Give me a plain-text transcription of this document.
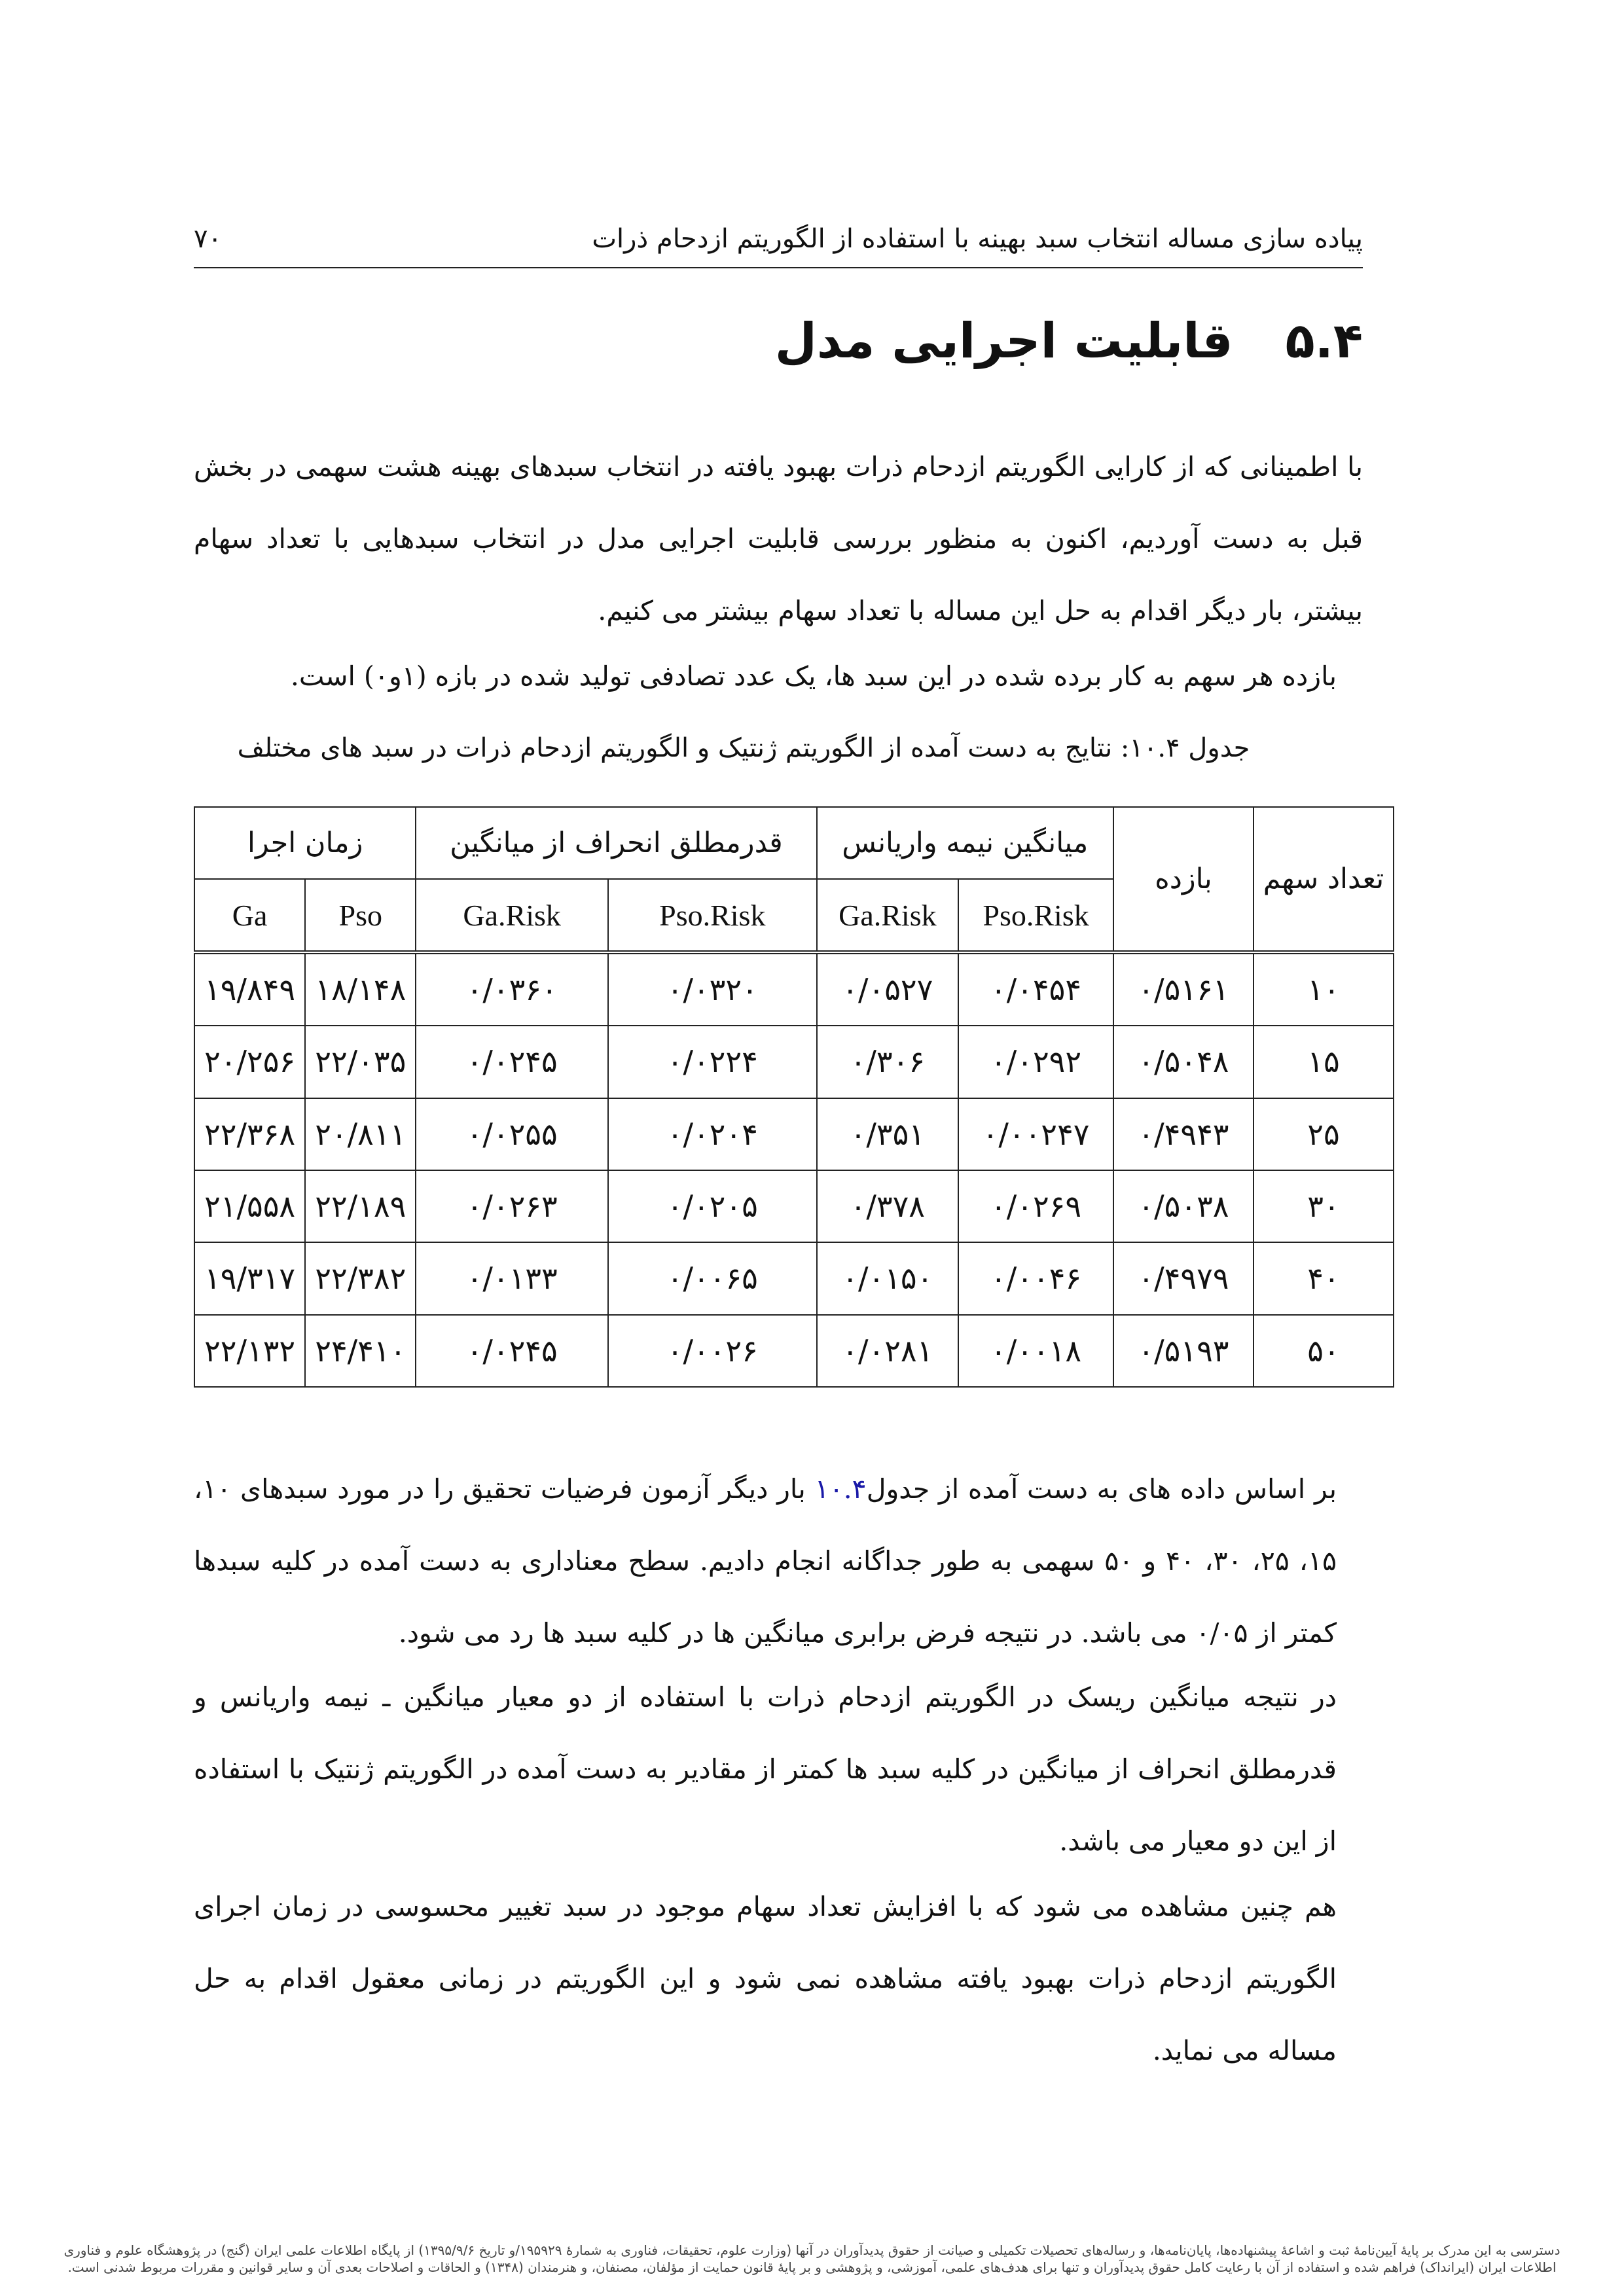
پیاده سازی مساله انتخاب سبد بهینه با استفاده از الگوریتم ازدحام ذرات
۷۰
۵.۴
قابلیت اجرایی مدل

با اطمینانی که از کارایی الگوریتم ازدحام ذرات بهبود یافته در انتخاب سبدهای بهینه هشت سهمی در بخش قبل به دست آوردیم، اکنون به منظور بررسی قابلیت اجرایی مدل در انتخاب سبدهایی با تعداد سهام بیشتر، بار دیگر اقدام به حل این مساله با تعداد سهام بیشتر می کنیم.

بازده هر سهم به کار برده شده در این سبد ها، یک عدد تصادفی تولید شده در بازه (۱و۰) است.

جدول ۱۰.۴: نتایج به دست آمده از الگوریتم ژنتیک و الگوریتم ازدحام ذرات در سبد های مختلف
تعداد سهم	بازده	میانگین نیمه واریانس		قدرمطلق انحراف از میانگین		زمان اجرا	
		Pso.Risk	Ga.Risk	Pso.Risk	Ga.Risk	Pso	Ga
۱۰	۰/۵۱۶۱	۰/۰۴۵۴	۰/۰۵۲۷	۰/۰۳۲۰	۰/۰۳۶۰	۱۸/۱۴۸	۱۹/۸۴۹
۱۵	۰/۵۰۴۸	۰/۰۲۹۲	۰/۳۰۶	۰/۰۲۲۴	۰/۰۲۴۵	۲۲/۰۳۵	۲۰/۲۵۶
۲۵	۰/۴۹۴۳	۰/۰۰۲۴۷	۰/۳۵۱	۰/۰۲۰۴	۰/۰۲۵۵	۲۰/۸۱۱	۲۲/۳۶۸
۳۰	۰/۵۰۳۸	۰/۰۲۶۹	۰/۳۷۸	۰/۰۲۰۵	۰/۰۲۶۳	۲۲/۱۸۹	۲۱/۵۵۸
۴۰	۰/۴۹۷۹	۰/۰۰۴۶	۰/۰۱۵۰	۰/۰۰۶۵	۰/۰۱۳۳	۲۲/۳۸۲	۱۹/۳۱۷
۵۰	۰/۵۱۹۳	۰/۰۰۱۸	۰/۰۲۸۱	۰/۰۰۲۶	۰/۰۲۴۵	۲۴/۴۱۰	۲۲/۱۳۲

بر اساس داده های به دست آمده از جدول۱۰.۴ بار دیگر آزمون فرضیات تحقیق را در مورد سبدهای ۱۰، ۱۵، ۲۵، ۳۰، ۴۰ و ۵۰ سهمی به طور جداگانه انجام دادیم. سطح معناداری به دست آمده در کلیه سبدها کمتر از ۰/۰۵ می باشد. در نتیجه فرض برابری میانگین ها در کلیه سبد ها رد می شود.

در نتیجه میانگین ریسک در الگوریتم ازدحام ذرات با استفاده از دو معیار میانگین ـ نیمه واریانس و قدرمطلق انحراف از میانگین در کلیه سبد ها کمتر از مقادیر به دست آمده در الگوریتم ژنتیک با استفاده از این دو معیار می باشد.

هم چنین مشاهده می شود که با افزایش تعداد سهام موجود در سبد تغییر محسوسی در زمان اجرای الگوریتم ازدحام ذرات بهبود یافته مشاهده نمی شود و این الگوریتم در زمانی معقول اقدام به حل مساله می نماید.

دسترسی به این مدرک بر پایهٔ آیین‌نامهٔ ثبت و اشاعهٔ پیشنهاده‌ها، پایان‌نامه‌ها، و رساله‌های تحصیلات تکمیلی و صیانت از حقوق پدیدآوران در آنها (وزارت علوم، تحقیقات، فناوری به شمارهٔ ۱۹۵۹۲۹/و تاریخ ۱۳۹۵/۹/۶) از پایگاه اطلاعات علمی ایران (گنج) در پژوهشگاه علوم و فناوری
اطلاعات ایران (ایرانداک) فراهم شده و استفاده از آن با رعایت کامل حقوق پدیدآوران و تنها برای هدف‌های علمی، آموزشی، و پژوهشی و بر پایهٔ قانون حمایت از مؤلفان، مصنفان، و هنرمندان (۱۳۴۸) و الحاقات و اصلاحات بعدی آن و سایر قوانین و مقررات مربوط شدنی است.
